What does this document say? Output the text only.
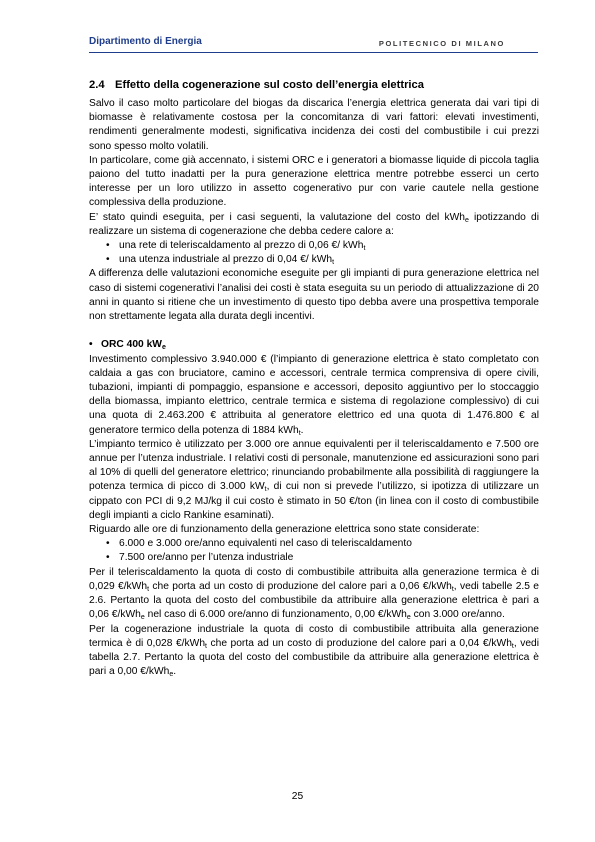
Dipartimento di Energia	POLITECNICO DI MILANO
2.4 Effetto della cogenerazione sul costo dell’energia elettrica

Salvo il caso molto particolare del biogas da discarica l’energia elettrica generata dai vari tipi di biomasse è relativamente costosa per la concomitanza di vari fattori: elevati investimenti, rendimenti generalmente modesti, significativa incidenza dei costi del combustibile i cui prezzi sono spesso molto volatili.

In particolare, come già accennato, i sistemi ORC e i generatori a biomasse liquide di piccola taglia paiono del tutto inadatti per la pura generazione elettrica mentre potrebbe esserci un certo interesse per un loro utilizzo in assetto cogenerativo pur con varie cautele nella gestione complessiva della produzione.

E’ stato quindi eseguita, per i casi seguenti, la valutazione del costo del kWh$_e$ ipotizzando di realizzare un sistema di cogenerazione che debba cedere calore a:

• una rete di teleriscaldamento al prezzo di 0,06 €/ kWh$_t$
• una utenza industriale al prezzo di 0,04 €/ kWh$_t$

A differenza delle valutazioni economiche eseguite per gli impianti di pura generazione elettrica nel caso di sistemi cogenerativi l’analisi dei costi è stata eseguita su un periodo di attualizzazione di 20 anni in quanto si ritiene che un investimento di questo tipo debba avere una prospettiva temporale non strettamente legata alla durata degli incentivi.

• ORC 400 $kW_e$

Investimento complessivo 3.940.000 € (l’impianto di generazione elettrica è stato completato con caldaia a gas con bruciatore, camino e accessori, centrale termica comprensiva di opere civili, tubazioni, impianti di pompaggio, espansione e accessori, deposito aggiuntivo per lo stoccaggio della biomassa, impianto elettrico, centrale termica e sistema di regolazione complessivo) di cui una quota di 2.463.200 € attribuita al generatore elettrico ed una quota di 1.476.800 € al generatore termico della potenza di 1884 kWh$_t$.

L’impianto termico è utilizzato per 3.000 ore annue equivalenti per il teleriscaldamento e 7.500 ore annue per l’utenza industriale. I relativi costi di personale, manutenzione ed assicurazioni sono pari al 10% di quelli del generatore elettrico; rinunciando probabilmente alla possibilità di raggiungere la potenza termica di picco di 3.000 $kW_t$, di cui non si prevede l’utilizzo, si ipotizza di utilizzare un cippato con PCI di 9,2 MJ/kg il cui costo è stimato in 50 €/ton (in linea con il costo di combustibile degli impianti a ciclo Rankine esaminati).

Riguardo alle ore di funzionamento della generazione elettrica sono state considerate:

• 6.000 e 3.000 ore/anno equivalenti nel caso di teleriscaldamento
• 7.500 ore/anno per l’utenza industriale

Per il teleriscaldamento la quota di costo di combustibile attribuita alla generazione termica è di 0,029 €/kWh$_t$ che porta ad un costo di produzione del calore pari a 0,06 €/kWh$_t$, vedi tabelle 2.5 e 2.6. Pertanto la quota del costo del combustibile da attribuire alla generazione elettrica è pari a 0,06 €/kWh$_e$ nel caso di 6.000 ore/anno di funzionamento, 0,00 €/kWh$_e$ con 3.000 ore/anno.

Per la cogenerazione industriale la quota di costo di combustibile attribuita alla generazione termica è di 0,028 €/kWh$_t$ che porta ad un costo di produzione del calore pari a 0,04 €/kWh$_t$, vedi tabella 2.7. Pertanto la quota del costo del combustibile da attribuire alla generazione elettrica è pari a 0,00 €/kWh$_e$.

25
